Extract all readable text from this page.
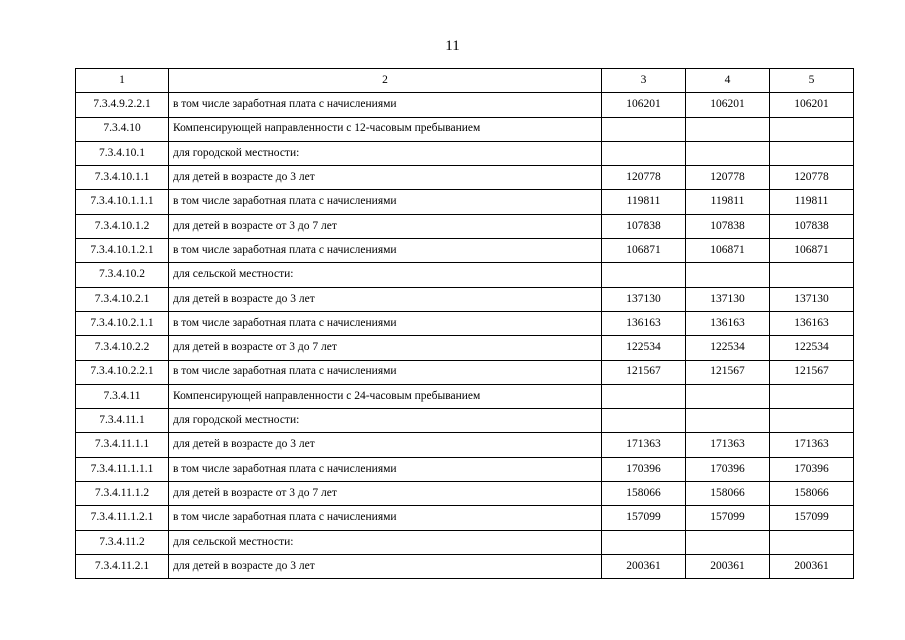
11
1	2	3	4	5
7.3.4.9.2.2.1	в том числе заработная плата с начислениями	106201	106201	106201
7.3.4.10	Компенсирующей направленности с 12-часовым пребыванием			
7.3.4.10.1	для городской местности:			
7.3.4.10.1.1	для детей в возрасте до 3 лет	120778	120778	120778
7.3.4.10.1.1.1	в том числе заработная плата с начислениями	119811	119811	119811
7.3.4.10.1.2	для детей в возрасте от 3 до 7 лет	107838	107838	107838
7.3.4.10.1.2.1	в том числе заработная плата с начислениями	106871	106871	106871
7.3.4.10.2	для сельской местности:			
7.3.4.10.2.1	для детей в возрасте до 3 лет	137130	137130	137130
7.3.4.10.2.1.1	в том числе заработная плата с начислениями	136163	136163	136163
7.3.4.10.2.2	для детей в возрасте от 3 до 7 лет	122534	122534	122534
7.3.4.10.2.2.1	в том числе заработная плата с начислениями	121567	121567	121567
7.3.4.11	Компенсирующей направленности с 24-часовым пребыванием			
7.3.4.11.1	для городской местности:			
7.3.4.11.1.1	для детей в возрасте до 3 лет	171363	171363	171363
7.3.4.11.1.1.1	в том числе заработная плата с начислениями	170396	170396	170396
7.3.4.11.1.2	для детей в возрасте от 3 до 7 лет	158066	158066	158066
7.3.4.11.1.2.1	в том числе заработная плата с начислениями	157099	157099	157099
7.3.4.11.2	для сельской местности:			
7.3.4.11.2.1	для детей в возрасте до 3 лет	200361	200361	200361
